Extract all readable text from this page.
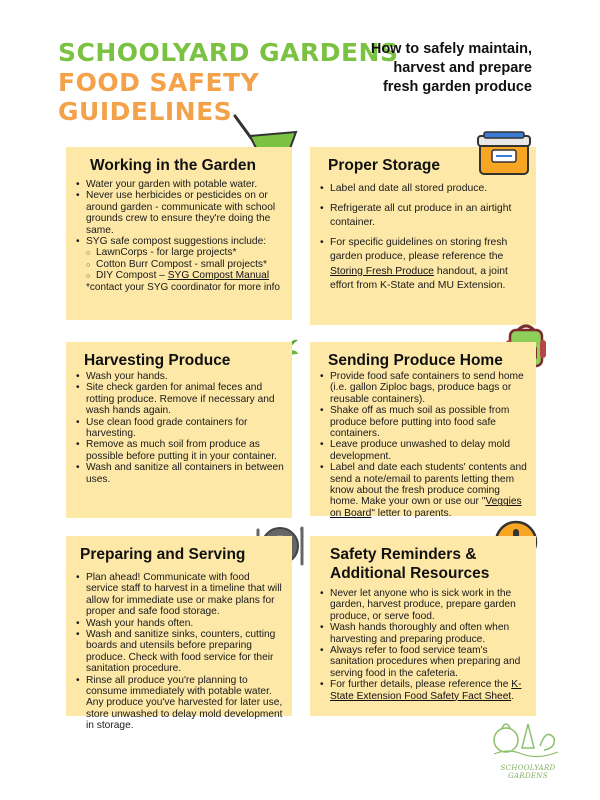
SCHOOLYARD GARDENS
FOOD SAFETY
GUIDELINES
How to safely maintain, harvest and prepare fresh garden produce
Working in the Garden
• Water your garden with potable water.
• Never use herbicides or pesticides on or around garden - communicate with school grounds crew to ensure they're doing the same.
• SYG safe compost suggestions include:
○ LawnCorps - for large projects*
○ Cotton Burr Compost - small projects*
○ DIY Compost – SYG Compost Manual
*contact your SYG coordinator for more info
Proper Storage
• Label and date all stored produce.
• Refrigerate all cut produce in an airtight container.
• For specific guidelines on storing fresh garden produce, please reference the Storing Fresh Produce handout, a joint effort from K-State and MU Extension.
Harvesting Produce
• Wash your hands.
• Site check garden for animal feces and rotting produce. Remove if necessary and wash hands again.
• Use clean food grade containers for harvesting.
• Remove as much soil from produce as possible before putting it in your container.
• Wash and sanitize all containers in between uses.
Sending Produce Home
• Provide food safe containers to send home (i.e. gallon Ziploc bags, produce bags or reusable containers).
• Shake off as much soil as possible from produce before putting into food safe containers.
• Leave produce unwashed to delay mold development.
• Label and date each students' contents and send a note/email to parents letting them know about the fresh produce coming home. Make your own or use our "Veggies on Board" letter to parents.
Preparing and Serving
• Plan ahead! Communicate with food service staff to harvest in a timeline that will allow for immediate use or make plans for proper and safe food storage.
• Wash your hands often.
• Wash and sanitize sinks, counters, cutting boards and utensils before preparing produce. Check with food service for their sanitation procedure.
• Rinse all produce you're planning to consume immediately with potable water. Any produce you've harvested for later use, store unwashed to delay mold development in storage.
Safety Reminders &
Additional Resources
• Never let anyone who is sick work in the garden, harvest produce, prepare garden produce, or serve food.
• Wash hands thoroughly and often when harvesting and preparing produce.
• Always refer to food service team's sanitation procedures when preparing and serving food in the cafeteria.
• For further details, please reference the K-State Extension Food Safety Fact Sheet.
SCHOOLYARD GARDENS
